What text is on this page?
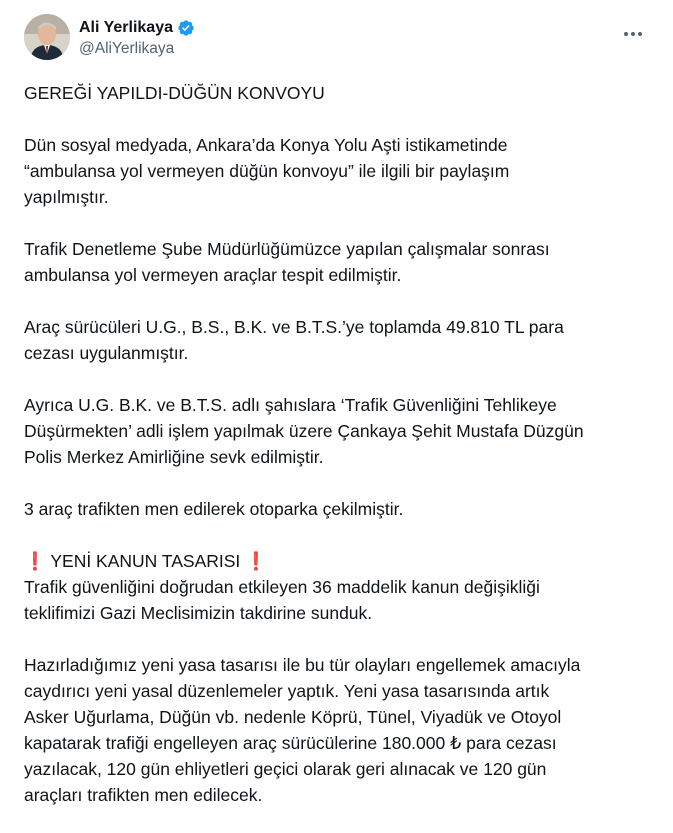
Ali Yerlikaya
@AliYerlikaya

GEREĞİ YAPILDI-DÜĞÜN KONVOYU

Dün sosyal medyada, Ankara’da Konya Yolu Aşti istikametinde

“ambulansa yol vermeyen düğün konvoyu” ile ilgili bir paylaşım

yapılmıştır.

Trafik Denetleme Şube Müdürlüğümüzce yapılan çalışmalar sonrası

ambulansa yol vermeyen araçlar tespit edilmiştir.

Araç sürücüleri U.G., B.S., B.K. ve B.T.S.’ye toplamda 49.810 TL para

cezası uygulanmıştır.

Ayrıca U.G. B.K. ve B.T.S. adlı şahıslara ‘Trafik Güvenliğini Tehlikeye

Düşürmekten’ adli işlem yapılmak üzere Çankaya Şehit Mustafa Düzgün

Polis Merkez Amirliğine sevk edilmiştir.

3 araç trafikten men edilerek otoparka çekilmiştir.

❗ YENİ KANUN TASARISI ❗

Trafik güvenliğini doğrudan etkileyen 36 maddelik kanun değişikliği

teklifimizi Gazi Meclisimizin takdirine sunduk.

Hazırladığımız yeni yasa tasarısı ile bu tür olayları engellemek amacıyla

caydırıcı yeni yasal düzenlemeler yaptık. Yeni yasa tasarısında artık

Asker Uğurlama, Düğün vb. nedenle Köprü, Tünel, Viyadük ve Otoyol

kapatarak trafiği engelleyen araç sürücülerine 180.000 ₺ para cezası

yazılacak, 120 gün ehliyetleri geçici olarak geri alınacak ve 120 gün

araçları trafikten men edilecek.
